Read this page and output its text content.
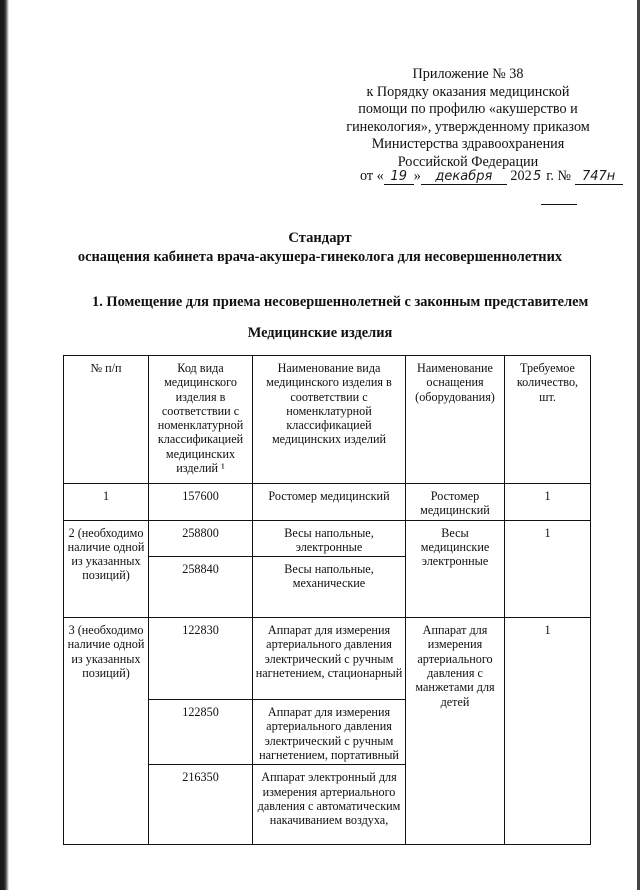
Приложение № 38
к Порядку оказания медицинской
помощи по профилю «акушерство и
гинекология», утвержденному приказом
Министерства здравоохранения
Российской Федерации
от « 19 » декабря 2025 г. № 747н
Стандарт
оснащения кабинета врача-акушера-гинеколога для несовершеннолетних
1. Помещение для приема несовершеннолетней с законным представителем
Медицинские изделия
№ п/п	Код вида медицинского изделия в соответствии с номенклатурной классификацией медицинских изделий ¹	Наименование вида медицинского изделия в соответствии с номенклатурной классификацией медицинских изделий	Наименование оснащения (оборудования)	Требуемое количество, шт.
1	157600	Ростомер медицинский	Ростомер медицинский	1
2 (необходимо наличие одной из указанных позиций)	258800	Весы напольные, электронные	Весы медицинские электронные	1
	258840	Весы напольные, механические		
3 (необходимо наличие одной из указанных позиций)	122830	Аппарат для измерения артериального давления электрический с ручным нагнетением, стационарный	Аппарат для измерения артериального давления с манжетами для детей	1
	122850	Аппарат для измерения артериального давления электрический с ручным нагнетением, портативный		
	216350	Аппарат электронный для измерения артериального давления с автоматическим накачиванием воздуха,		
